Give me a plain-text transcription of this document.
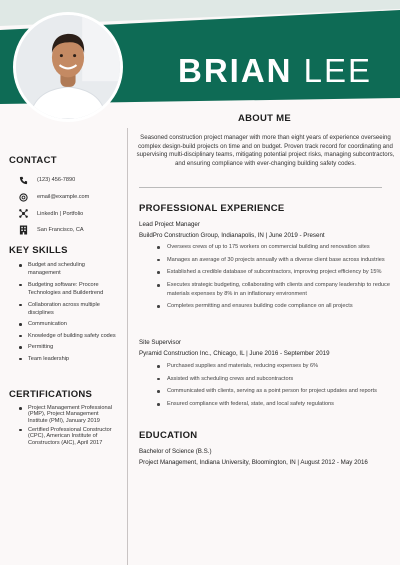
BRIAN LEE
CONTACT
(123) 456-7890
email@example.com
LinkedIn | Portfolio
San Francisco, CA
KEY SKILLS
Budget and scheduling management
Budgeting software: Procore Technologies and Buildertrend
Collaboration across multiple disciplines
Communication
Knowledge of building safety codes
Permitting
Team leadership
CERTIFICATIONS
Project Management Professional (PMP), Project Management Institute (PMI), January 2019
Certified Professional Constructor (CPC), American Institute of Constructors (AIC), April 2017
ABOUT ME

Seasoned construction project manager with more than eight years of experience overseeing complex design-build projects on time and on budget. Proven track record for coordinating and supervising multi-disciplinary teams, mitigating potential project risks, managing subcontractors, and ensuring compliance with ever-changing building safety codes.

PROFESSIONAL EXPERIENCE
Lead Project Manager
BuildPro Construction Group, Indianapolis, IN | June 2019 - Present
Oversees crews of up to 175 workers on commercial building and renovation sites
Manages an average of 30 projects annually with a diverse client base across industries
Established a credible database of subcontractors, improving project efficiency by 15%
Executes strategic budgeting, collaborating with clients and company leadership to reduce materials expenses by 8% in an inflationary environment
Completes permitting and ensures building code compliance on all projects
Site Supervisor
Pyramid Construction Inc., Chicago, IL | June 2016 - September 2019
Purchased supplies and materials, reducing expenses by 6%
Assisted with scheduling crews and subcontractors
Communicated with clients, serving as a point person for project updates and reports
Ensured compliance with federal, state, and local safety regulations
EDUCATION
Bachelor of Science (B.S.)
Project Management, Indiana University, Bloomington, IN | August 2012 - May 2016
